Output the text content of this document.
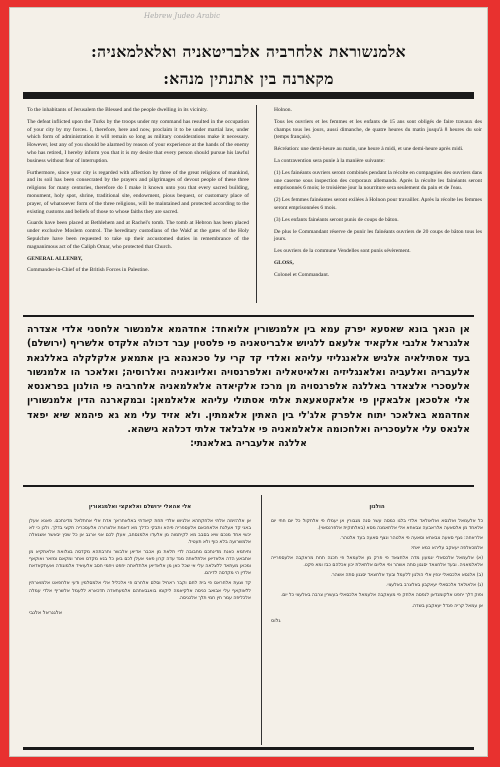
Hebrew Judeo Arabic
אלמנשוראת אלחרביה אלבריטאניה ואלאלמאניה:
מקארנה בין אתנתין מנהא:

To the inhabitants of Jerusalem the Blessed and the people dwelling in its vicinity.

The defeat inflicted upon the Turks by the troops under my command has resulted in the occupation of your city by my forces. I, therefore, here and now, proclaim it to be under martial law, under which form of administration it will remain so long as military considerations make it necessary. However, lest any of you should be alarmed by reason of your experience at the hands of the enemy who has retired, I hereby inform you that it is my desire that every person should pursue his lawful business without fear of interruption.

Furthermore, since your city is regarded with affection by three of the great religions of mankind, and its soil has been consecrated by the prayers and pilgrimages of devout people of these three religions for many centuries, therefore do I make it known unto you that every sacred building, monument, holy spot, shrine, traditional site, endowment, pious bequest, or customary place of prayer, of whatsoever form of the three religions, will be maintained and protected according to the existing customs and beliefs of those to whose faiths they are sacred.

Guards have been placed at Bethlehem and at Rachel's tomb. The tomb at Hebron has been placed under exclusive Moslem control. The hereditary custodians of the Wakf at the gates of the Holy Sepulchre have been requested to take up their accustomed duties in remembrance of the magnanimous act of the Caliph Omar, who protected that Church.

GENERAL ALLENBY,

Commander-in-Chief of the British Forces in Palestine.

Holnon.

Tous les ouvriers et les femmes et les enfants de 15 ans sont obligés de faire travaux des champs tous les jours, aussi dimanche, de quatre heures du matin jusqu'à 8 heures du soir (temps français).

Récréation: une demi-heure au matin, une heure à midi, et une demi-heure après midi.

La contravention sera punie à la manière suivante:

(1) Les fainéants ouvriers seront combinés pendant la récolte en compagnies des ouvriers dans une caserne sous inspection des corporaux allemands. Après la récolte les fainéants seront emprisonnés 6 mois; le troisième jour la nourriture sera seulement du pain et de l'eau.

(2) Les femmes fainéantes seront exilées à Holnon pour travailler. Après la récolte les femmes seront emprisonnées 6 mois.

(3) Les enfants fainéants seront punis de coups de bâton.

De plus le Commandant réserve de punir les fainéants ouvriers de 20 coups de bâton tous les jours.

Les ouvriers de la commune Vendelles sont punis sévèrement.

GLOSS,

Colonel et Commandant.

אן הנאך בונא שאסעא יפרק עמא בין אלמנשורין אלואחד: אחדהמא אלמנשור אלחסני אלדי אצדרה אלגנראל אלנבי אלקאיד אלעאם ללגיוש אלבריטאניה פי פלסטין עבר דכולה אלקדס אלשריף (ירושלם) בעד אסתילאיה אלגיש אלאנגליזי עליהא ואלדי קד קרי על סכאנהא בין אתמאע אלקלקלה באללגאת אלעבריה ואלעביה ואלאנגליזיה ואלאיטאליה ואלפרנסויה ואליונאניה ואלרוסיה; ואלאכר הו אלמנשור אלעסכרי אלצאדר באללגה אלפרנסויה מן מרכז אלקיאדה אלאלמאניה אלחרביה פי הולנון בפראנסא אלי אלסכאן אלבאקין פי אלאקטאעאת אלתי אסתולי עליהא אלאלמאן: ובמקארנה הדין אלמנשורין אחדהמא באלאכר יתוח אלפרק אלג'לי בין האתין אלאמתין. ולא אזיד עלי מא גא פיהמא שיא יפאד אלנאס עלי אלעסכריה ואלחכומה אלאלמאניה פי אלבלאד אלתי דכלהא גישהא.
אללגה אלעבריה באלאנתי:
אלי אהאלי ירושלם ואלאקצי ואלמגאורין

אן אלהזימה אלתי אלחקתהא אלגיוש אלדי תחת קיאדתי באלאתראך אדת אלי אחתלאל מדינתכם. פאנא אעלן באני קד אעלנת אלאחכאם אלעספריה פיהא ותבקי כדלך מא דאמת אלצרורה אלעסכריה תקצי בדלך. ולכן כי לא יכשי אחד מנכם שיא בסבב מא לקיתמוה מן אלעדו אלמנסחב, אעלן לכם אני ארגב אן כל שכץ יבאשר אשגאלה אלמשרועה בלא כוף ולא תעטיל.

וחיתמא כאנת מדינתכם מחבובה לדי תלאת מן אכבר אדיאן אלבשר ותרבתהא מקדסה בצלואת אלאתקיא מן אתבאע הדה אלאדיאן אלתלאתה מנד עדה קרון פאני אעלן לכם באן כל בנא מקדס ואתר ומקאם ומזאר ואוקאף ומכאן מעתאד ללצלאה עלי אי שכל כאן מן אלאדיאן אלתלאתה יחפט ויחמי חסב אלעואיד אלמוגודה ואעתקאדאת אלדין הי מקדסה לדיהם.

קד וצעת אלחראס פי בית לחם וקבר ראחיל וסלם אלחרם פי אלכליל אלי אלמסלמין ודעי אלחפאט אלמוארתין ללאוקאף עלי אבואב כניסה אלקיאמה ליקומו בואגבאתהם אלמעתאדה תדכארא ללעמל אלשריף אלדי עמלה אלכליפה עמר חין חמי תלך אלכניסה.

אלגנראל אלנבי
הולנון

כל אלעמאל ואלנסא ואלאולאד אלדי בלגו כמסה עשר סנה מגבורין אן יעמלו פי אלחקול כל יום חתי יום אלאחד מן אלסאעה אלראבעה צבאחא אלי אלתאמנה מסא (באלתוקית אלפרנסאוי).

אלראחה: נצף סאעה צבאחא וסאעה פי אלטהר ונצף סאעה בעד אלטהר.

אלמכאלפה יעאקב עליהא כמא יאתי:

(א) אלעמאל אלכסאלי יגמעון מדה אלחצאד פי פרק מן אלעמאל פי תכנה תחת מראקבה אלעספרייה אלאלמאניה. ובעד אלחצאד יסגנון סתה אשהר ופי אליום אלתאלת יכון אכלהם כבז ומא פקט.

(ב) אלנסא אלכסאלי ינפין אלי הולנון ללעמל ובעד אלחצאד יסגנון סתה אשהר.

(ג) אלאולאד אלכסאלי יעאקבון באלצרב באלעצי.

ופוק דלך יחפט אלקומנדאן לנפסה אלחק פי מעאקבה אלעמאל אלכסאלי בעשרין צרבה באלעצי כל יום.

אן עמאל קריה פנדל יעאקבון בשדה.

גלוס
